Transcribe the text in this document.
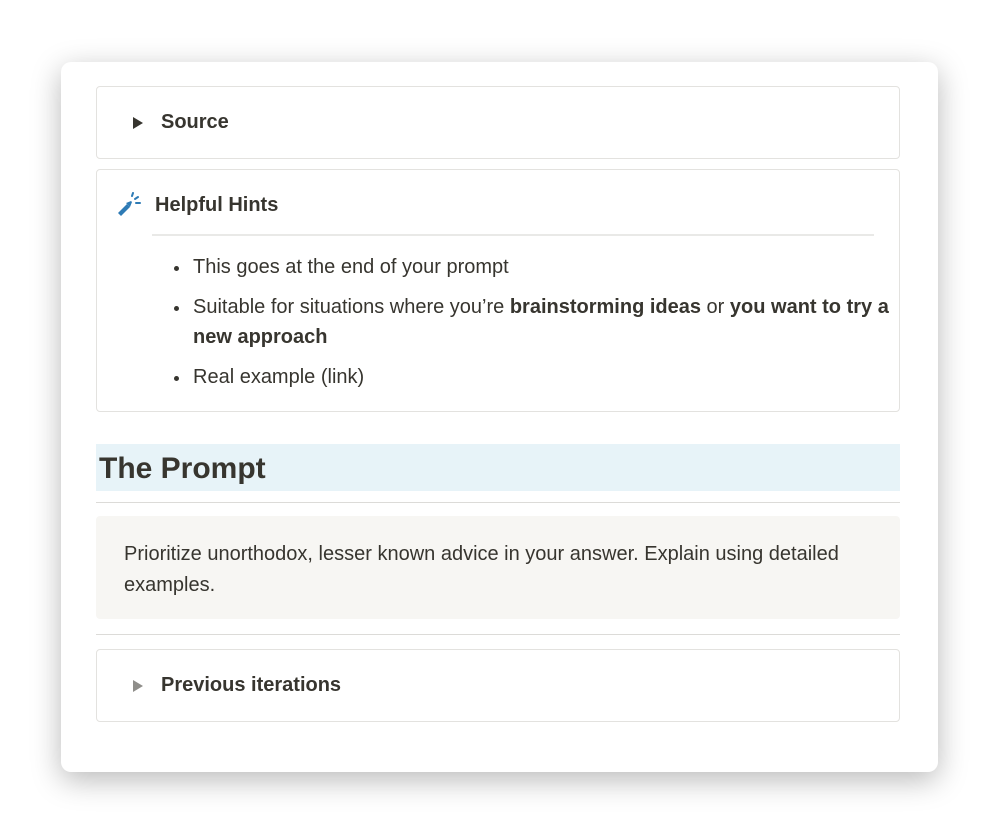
Source
Helpful Hints
• This goes at the end of your prompt
• Suitable for situations where you’re brainstorming ideas or you want to try a new approach
• Real example (link)
The Prompt
Prioritize unorthodox, lesser known advice in your answer. Explain using detailed examples.
Previous iterations
